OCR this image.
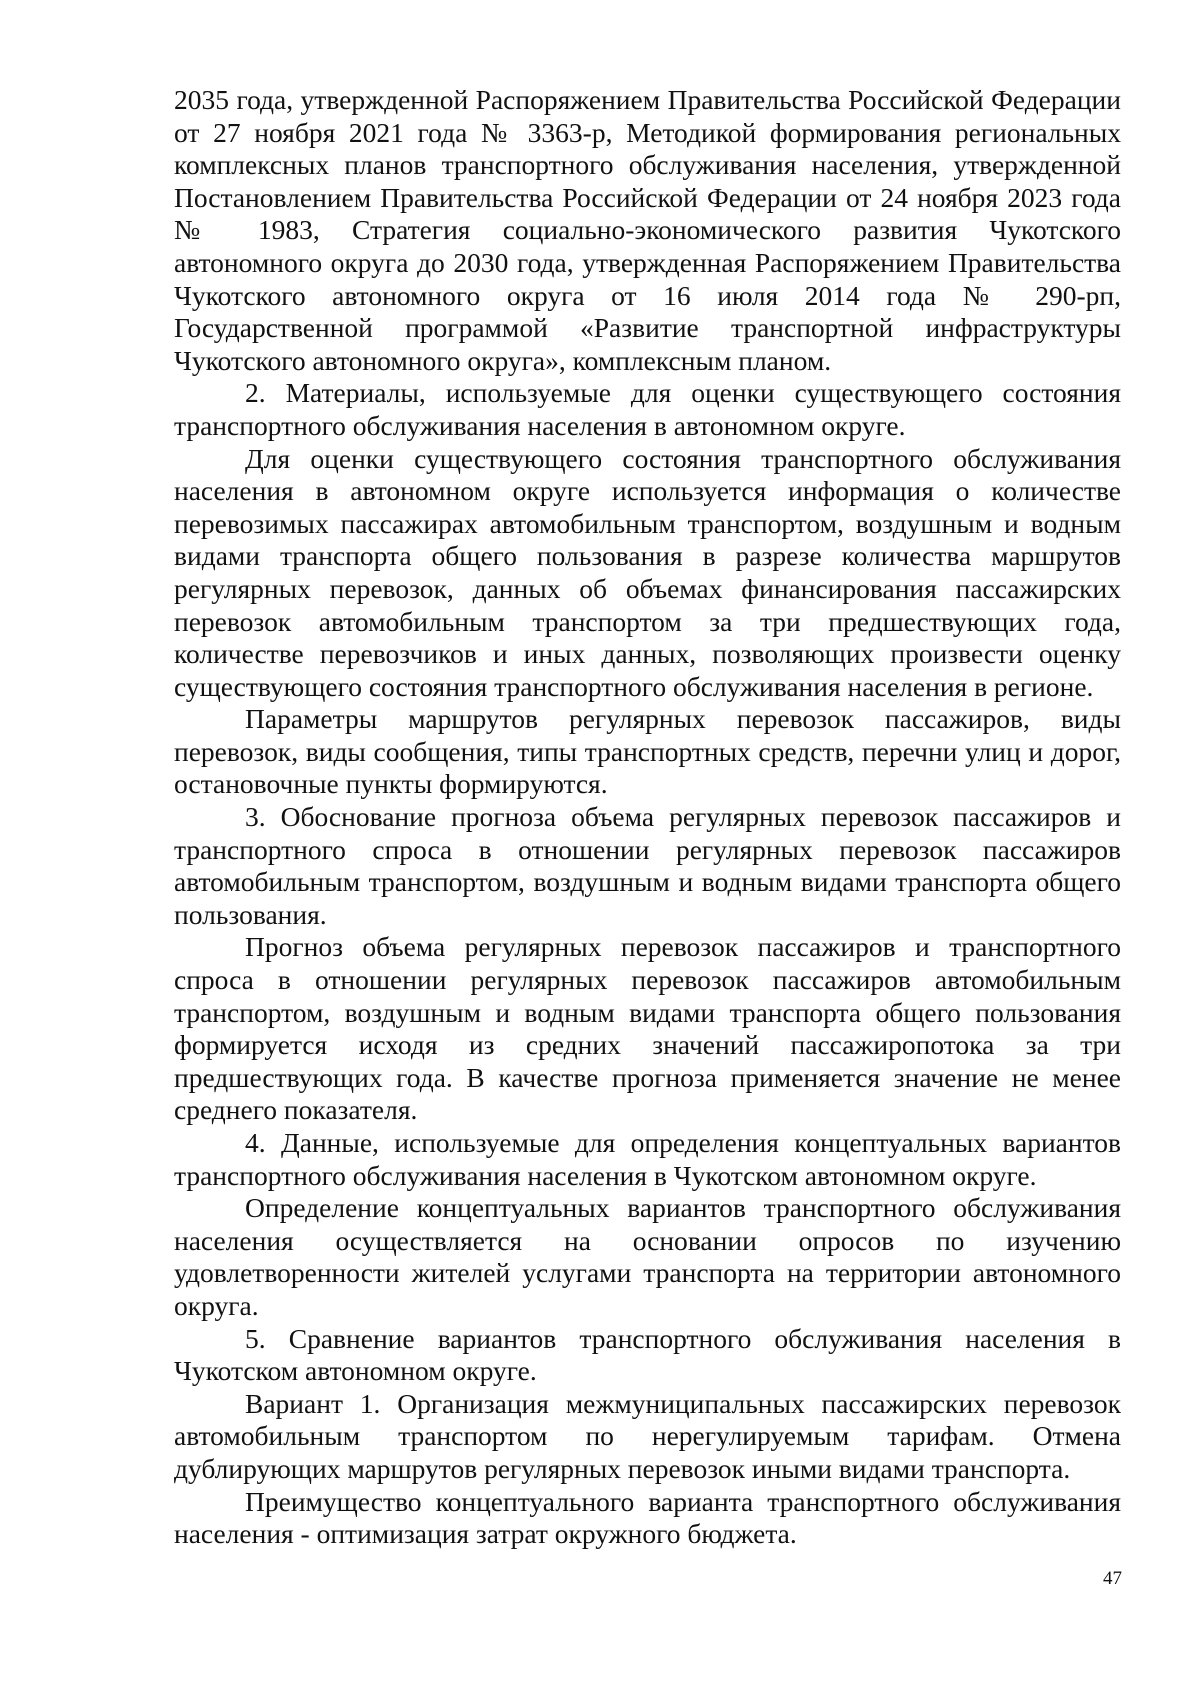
2035 года, утвержденной Распоряжением Правительства Российской Федерации от 27 ноября 2021 года № 3363-р, Методикой формирования региональных комплексных планов транспортного обслуживания населения, утвержденной Постановлением Правительства Российской Федерации от 24 ноября 2023 года № 1983, Стратегия социально-экономического развития Чукотского автономного округа до 2030 года, утвержденная Распоряжением Правительства Чукотского автономного округа от 16 июля 2014 года № 290-рп, Государственной программой «Развитие транспортной инфраструктуры Чукотского автономного округа», комплексным планом.

2. Материалы, используемые для оценки существующего состояния транспортного обслуживания населения в автономном округе.

Для оценки существующего состояния транспортного обслуживания населения в автономном округе используется информация о количестве перевозимых пассажирах автомобильным транспортом, воздушным и водным видами транспорта общего пользования в разрезе количества маршрутов регулярных перевозок, данных об объемах финансирования пассажирских перевозок автомобильным транспортом за три предшествующих года, количестве перевозчиков и иных данных, позволяющих произвести оценку существующего состояния транспортного обслуживания населения в регионе.

Параметры маршрутов регулярных перевозок пассажиров, виды перевозок, виды сообщения, типы транспортных средств, перечни улиц и дорог, остановочные пункты формируются.

3. Обоснование прогноза объема регулярных перевозок пассажиров и транспортного спроса в отношении регулярных перевозок пассажиров автомобильным транспортом, воздушным и водным видами транспорта общего пользования.

Прогноз объема регулярных перевозок пассажиров и транспортного спроса в отношении регулярных перевозок пассажиров автомобильным транспортом, воздушным и водным видами транспорта общего пользования формируется исходя из средних значений пассажиропотока за три предшествующих года. В качестве прогноза применяется значение не менее среднего показателя.

4. Данные, используемые для определения концептуальных вариантов транспортного обслуживания населения в Чукотском автономном округе.

Определение концептуальных вариантов транспортного обслуживания населения осуществляется на основании опросов по изучению удовлетворенности жителей услугами транспорта на территории автономного округа.

5. Сравнение вариантов транспортного обслуживания населения в Чукотском автономном округе.

Вариант 1. Организация межмуниципальных пассажирских перевозок автомобильным транспортом по нерегулируемым тарифам. Отмена дублирующих маршрутов регулярных перевозок иными видами транспорта.

Преимущество концептуального варианта транспортного обслуживания населения - оптимизация затрат окружного бюджета.

47
